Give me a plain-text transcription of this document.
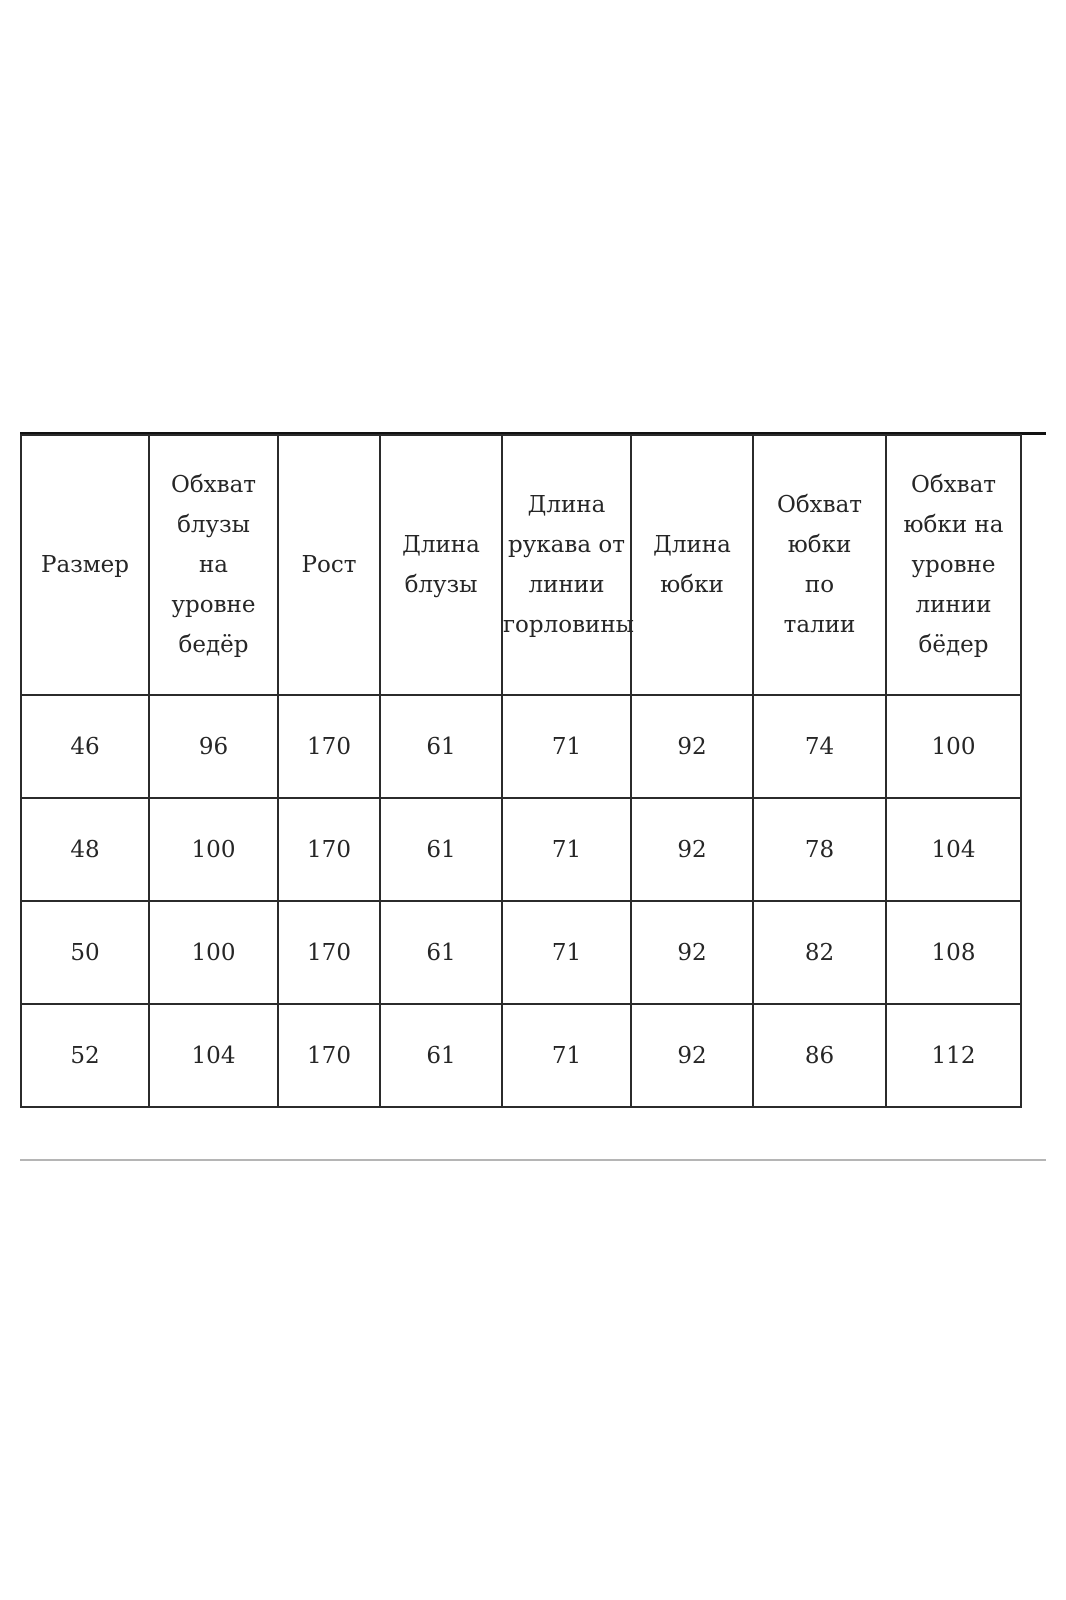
Размер	Обхват
блузы
на
уровне
бедёр	Рост	Длина
блузы	Длина
рукава от
линии
горловины	Длина
юбки	Обхват
юбки
по
талии	Обхват
юбки на
уровне
линии
бёдер

46	96	170	61	71	92	74	100
48	100	170	61	71	92	78	104
50	100	170	61	71	92	82	108
52	104	170	61	71	92	86	112
